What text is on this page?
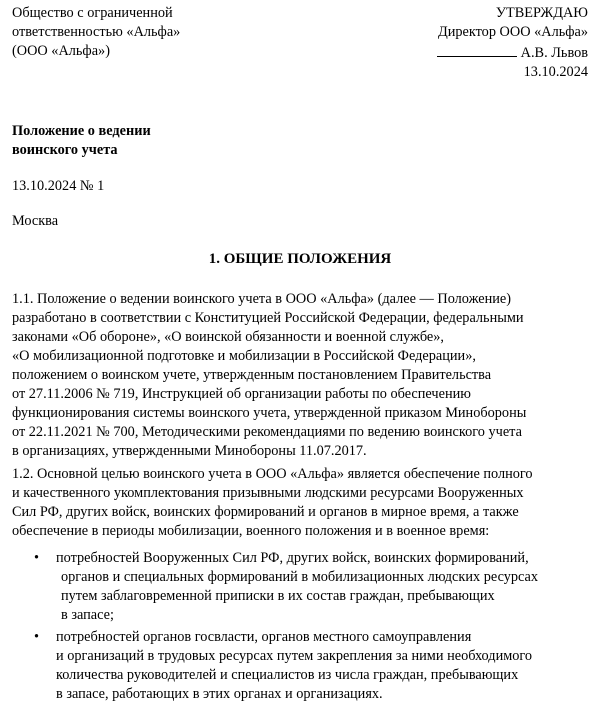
Общество с ограниченной
ответственностью «Альфа»
(ООО «Альфа»)
УТВЕРЖДАЮ
Директор ООО «Альфа»
А.В. Львов
13.10.2024
Положение о ведении
воинского учета
13.10.2024 № 1
Москва
1. ОБЩИЕ ПОЛОЖЕНИЯ
1.1. Положение о ведении воинского учета в ООО «Альфа» (далее — Положение)
разработано в соответствии с Конституцией Российской Федерации, федеральными
законами «Об обороне», «О воинской обязанности и военной службе»,
«О мобилизационной подготовке и мобилизации в Российской Федерации»,
положением о воинском учете, утвержденным постановлением Правительства
от 27.11.2006 № 719, Инструкцией об организации работы по обеспечению
функционирования системы воинского учета, утвержденной приказом Минобороны
от 22.11.2021 № 700, Методическими рекомендациями по ведению воинского учета
в организациях, утвержденными Минобороны 11.07.2017.
1.2. Основной целью воинского учета в ООО «Альфа» является обеспечение полного
и качественного укомплектования призывными людскими ресурсами Вооруженных
Сил РФ, других войск, воинских формирований и органов в мирное время, а также
обеспечение в периоды мобилизации, военного положения и в военное время:
• потребностей Вооруженных Сил РФ, других войск, воинских формирований,
органов и специальных формирований в мобилизационных людских ресурсах
путем заблаговременной приписки в их состав граждан, пребывающих
в запасе;
• потребностей органов госвласти, органов местного самоуправления
и организаций в трудовых ресурсах путем закрепления за ними необходимого
количества руководителей и специалистов из числа граждан, пребывающих
в запасе, работающих в этих органах и организациях.
